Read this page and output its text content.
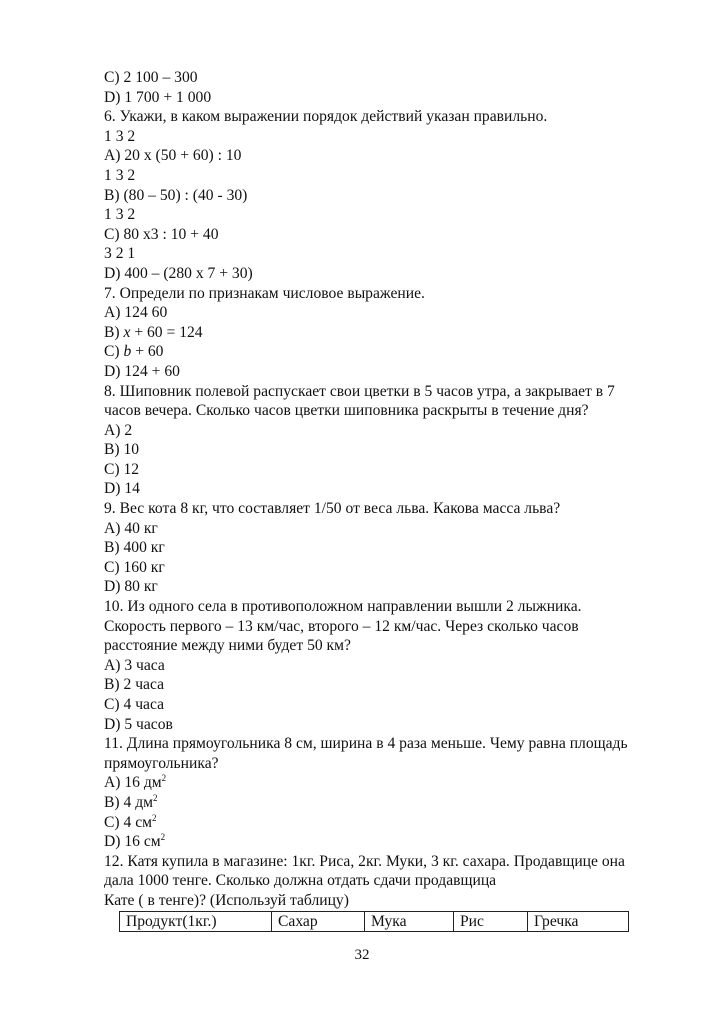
C) 2 100 – 300
D) 1 700 + 1 000
6. Укажи, в каком выражении порядок действий указан правильно.
1 3 2
A) 20 x (50 + 60) : 10
1 3 2
B) (80 – 50) : (40 - 30)
1 3 2
C) 80 x3 : 10 + 40
3 2 1
D) 400 – (280 x 7 + 30)
7. Определи по признакам числовое выражение.
A) 124 60
B) x + 60 = 124
C) b + 60
D) 124 + 60
8. Шиповник полевой распускает свои цветки в 5 часов утра, а закрывает в 7
часов вечера. Сколько часов цветки шиповника раскрыты в течение дня?
A) 2
B) 10
C) 12
D) 14
9. Вес кота 8 кг, что составляет 1/50 от веса льва. Какова масса льва?
A) 40 кг
B) 400 кг
C) 160 кг
D) 80 кг
10. Из одного села в противоположном направлении вышли 2 лыжника.
Скорость первого – 13 км/час, второго – 12 км/час. Через сколько часов
расстояние между ними будет 50 км?
A) 3 часа
B) 2 часа
C) 4 часа
D) 5 часов
11. Длина прямоугольника 8 см, ширина в 4 раза меньше. Чему равна площадь
прямоугольника?
A) 16 $дм^2$
B) 4 $дм^2$
C) 4 $см^2$
D) 16 $см^2$
12. Катя купила в магазине: 1кг. Риса, 2кг. Муки, 3 кг. сахара. Продавщице она
дала 1000 тенге. Сколько должна отдать сдачи продавщица
Кате ( в тенге)? (Используй таблицу)
Продукт(1кг.)	Сахар	Мука	Рис	Гречка
32
